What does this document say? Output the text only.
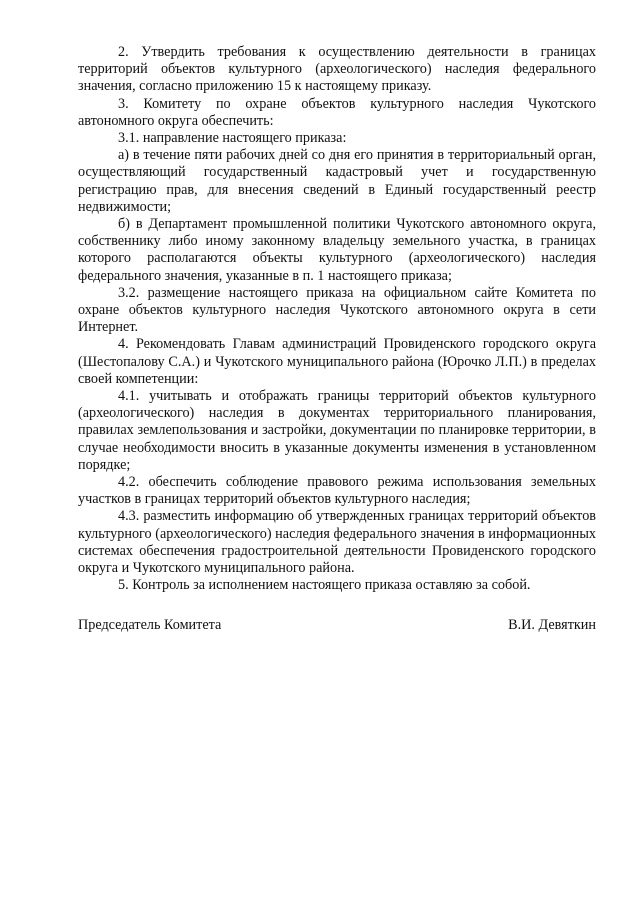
2. Утвердить требования к осуществлению деятельности в границах территорий объектов культурного (археологического) наследия федерального значения, согласно приложению 15 к настоящему приказу.

3. Комитету по охране объектов культурного наследия Чукотского автономного округа обеспечить:

3.1. направление настоящего приказа:

а) в течение пяти рабочих дней со дня его принятия в территориальный орган, осуществляющий государственный кадастровый учет и государственную регистрацию прав, для внесения сведений в Единый государственный реестр недвижимости;

б) в Департамент промышленной политики Чукотского автономного округа, собственнику либо иному законному владельцу земельного участка, в границах которого располагаются объекты культурного (археологического) наследия федерального значения, указанные в п. 1 настоящего приказа;

3.2. размещение настоящего приказа на официальном сайте Комитета по охране объектов культурного наследия Чукотского автономного округа в сети Интернет.

4. Рекомендовать Главам администраций Провиденского городского округа (Шестопалову С.А.) и Чукотского муниципального района (Юрочко Л.П.) в пределах своей компетенции:

4.1. учитывать и отображать границы территорий объектов культурного (археологического) наследия в документах территориального планирования, правилах землепользования и застройки, документации по планировке территории, в случае необходимости вносить в указанные документы изменения в установленном порядке;

4.2. обеспечить соблюдение правового режима использования земельных участков в границах территорий объектов культурного наследия;

4.3. разместить информацию об утвержденных границах территорий объектов культурного (археологического) наследия федерального значения в информационных системах обеспечения градостроительной деятельности Провиденского городского округа и Чукотского муниципального района.

5. Контроль за исполнением настоящего приказа оставляю за собой.

Председатель Комитета	В.И. Девяткин
